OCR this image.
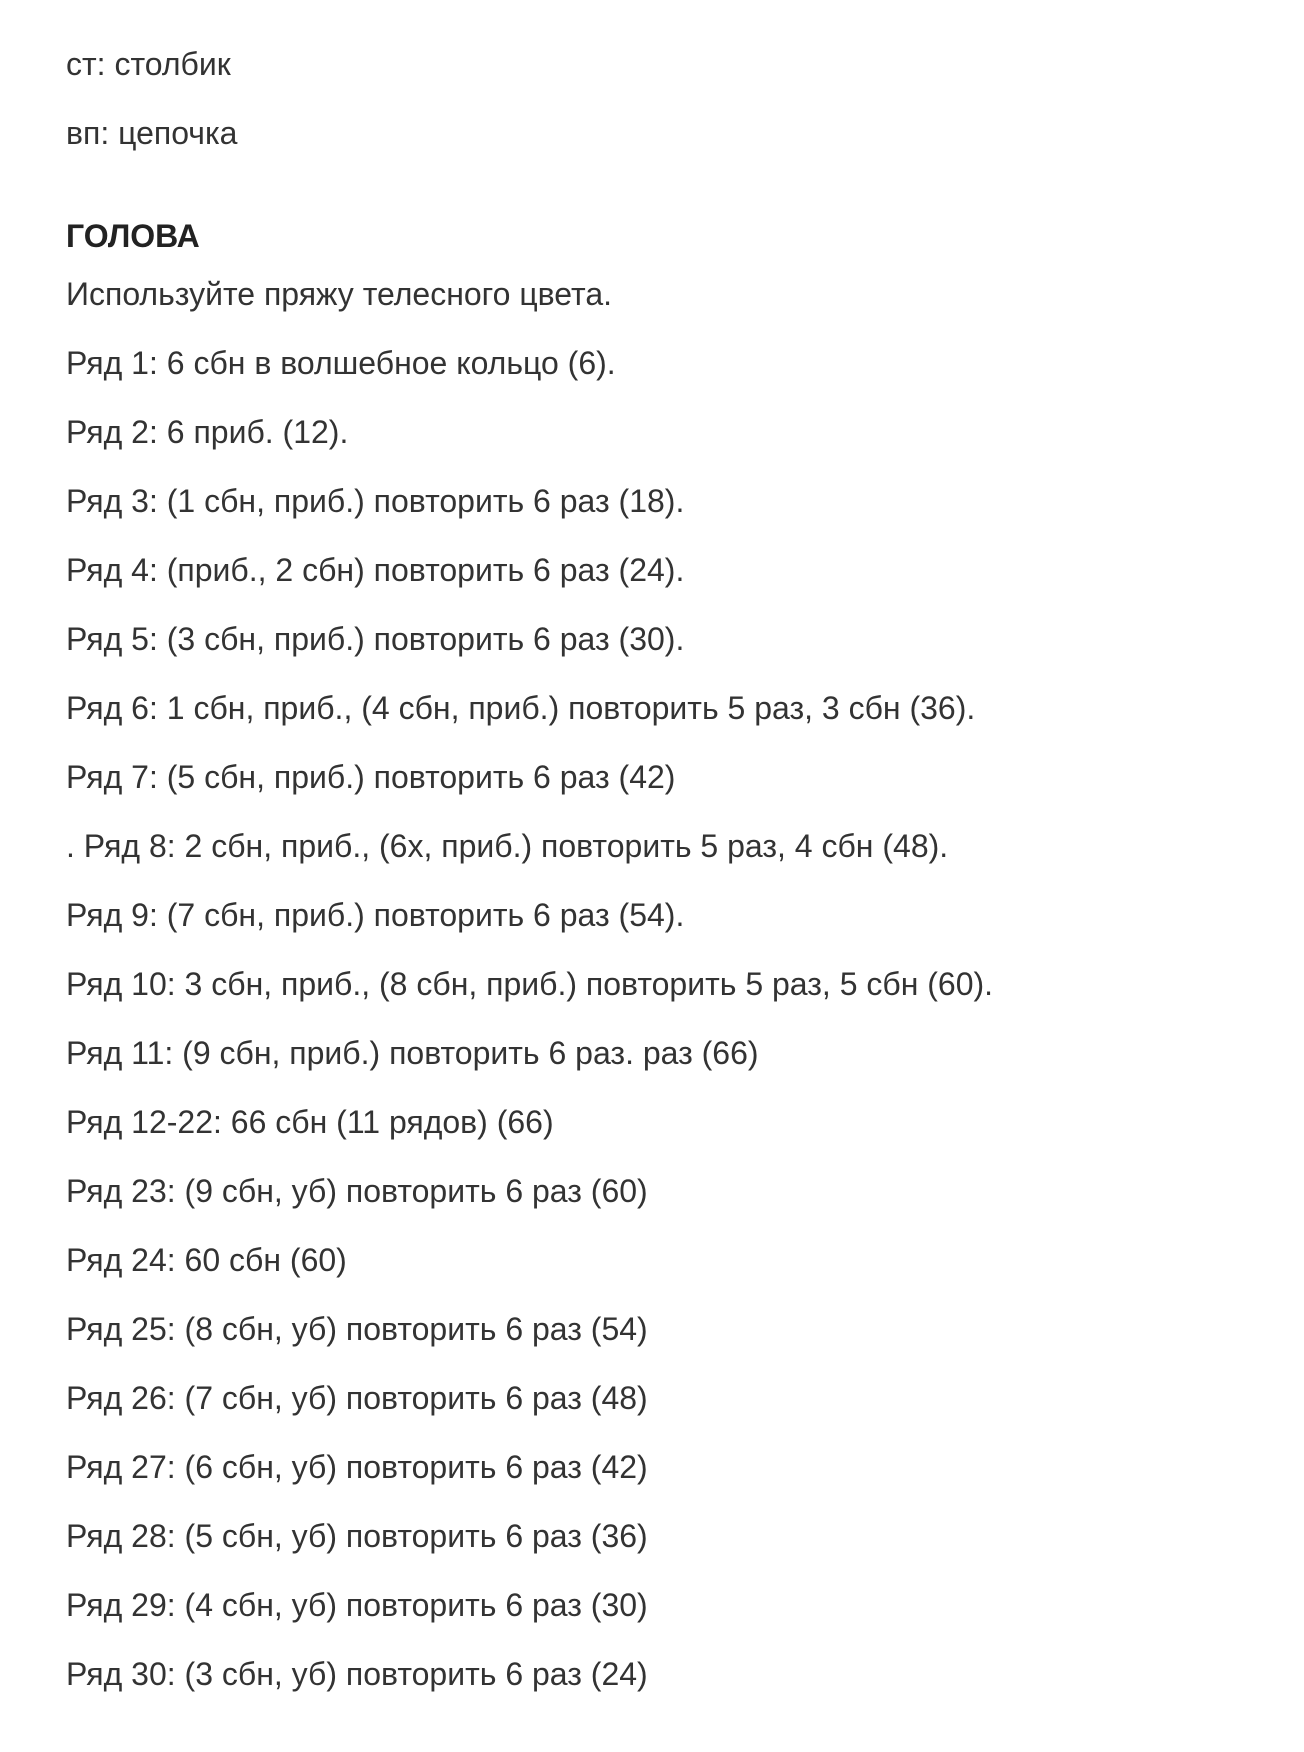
ст: столбик
вп: цепочка
ГОЛОВА
Используйте пряжу телесного цвета.
Ряд 1: 6 сбн в волшебное кольцо (6).
Ряд 2: 6 приб. (12).
Ряд 3: (1 сбн, приб.) повторить 6 раз (18).
Ряд 4: (приб., 2 сбн) повторить 6 раз (24).
Ряд 5: (3 сбн, приб.) повторить 6 раз (30).
Ряд 6: 1 сбн, приб., (4 сбн, приб.) повторить 5 раз, 3 сбн (36).
Ряд 7: (5 сбн, приб.) повторить 6 раз (42)
. Ряд 8: 2 сбн, приб., (6х, приб.) повторить 5 раз, 4 сбн (48).
Ряд 9: (7 сбн, приб.) повторить 6 раз (54).
Ряд 10: 3 сбн, приб., (8 сбн, приб.) повторить 5 раз, 5 сбн (60).
Ряд 11: (9 сбн, приб.) повторить 6 раз. раз (66)
Ряд 12-22: 66 сбн (11 рядов) (66)
Ряд 23: (9 сбн, уб) повторить 6 раз (60)
Ряд 24: 60 сбн (60)
Ряд 25: (8 сбн, уб) повторить 6 раз (54)
Ряд 26: (7 сбн, уб) повторить 6 раз (48)
Ряд 27: (6 сбн, уб) повторить 6 раз (42)
Ряд 28: (5 сбн, уб) повторить 6 раз (36)
Ряд 29: (4 сбн, уб) повторить 6 раз (30)
Ряд 30: (3 сбн, уб) повторить 6 раз (24)
